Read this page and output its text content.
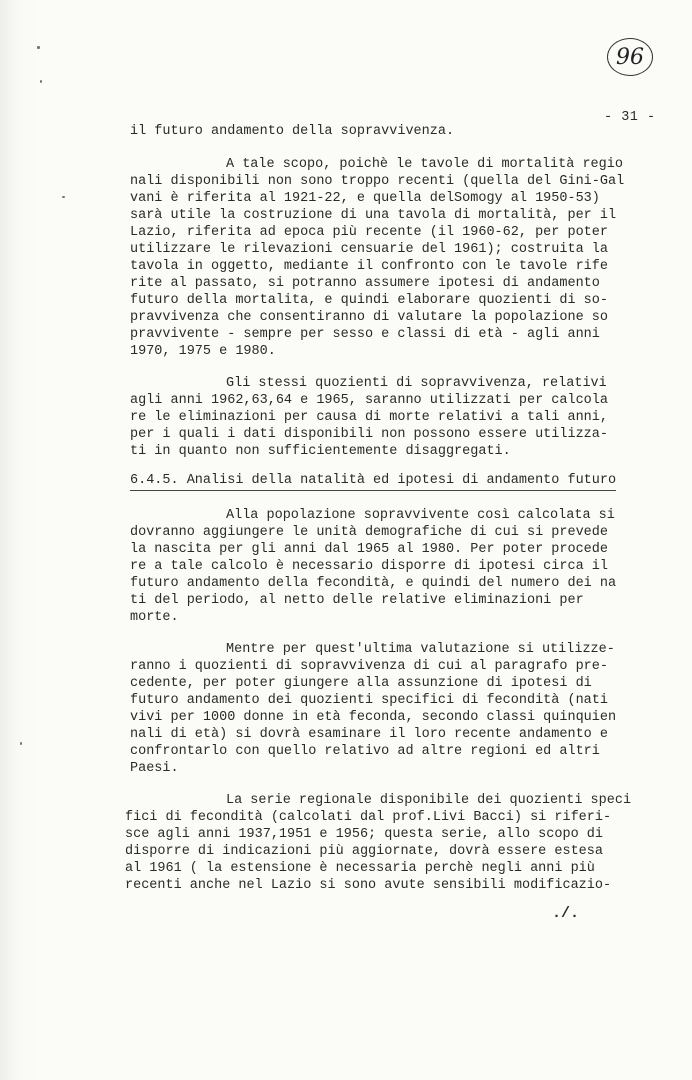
96
- 31 -
il futuro andamento della sopravvivenza.
A tale scopo, poichè le tavole di mortalità regio
nali disponibili non sono troppo recenti (quella del Gini-Gal
vani è riferita al 1921-22, e quella delSomogy al 1950-53)
sarà utile la costruzione di una tavola di mortalità, per il
Lazio, riferita ad epoca più recente (il 1960-62, per poter
utilizzare le rilevazioni censuarie del 1961); costruita la
tavola in oggetto, mediante il confronto con le tavole rife
rite al passato, si potranno assumere ipotesi di andamento
futuro della mortalita, e quindi elaborare quozienti di so-
pravvivenza che consentiranno di valutare la popolazione so
pravvivente - sempre per sesso e classi di età - agli anni
1970, 1975 e 1980.
Gli stessi quozienti di sopravvivenza, relativi
agli anni 1962,63,64 e 1965, saranno utilizzati per calcola
re le eliminazioni per causa di morte relativi a tali anni,
per i quali i dati disponibili non possono essere utilizza-
ti in quanto non sufficientemente disaggregati.
6.4.5. Analisi della natalità ed ipotesi di andamento futuro
Alla popolazione sopravvivente così calcolata si
dovranno aggiungere le unità demografiche di cui si prevede
la nascita per gli anni dal 1965 al 1980. Per poter procede
re a tale calcolo è necessario disporre di ipotesi circa il
futuro andamento della fecondità, e quindi del numero dei na
ti del periodo, al netto delle relative eliminazioni per
morte.
Mentre per quest'ultima valutazione si utilizze-
ranno i quozienti di sopravvivenza di cui al paragrafo pre-
cedente, per poter giungere alla assunzione di ipotesi di
futuro andamento dei quozienti specifici di fecondità (nati
vivi per 1000 donne in età feconda, secondo classi quinquien
nali di età) si dovrà esaminare il loro recente andamento e
confrontarlo con quello relativo ad altre regioni ed altri
Paesi.
La serie regionale disponibile dei quozienti speci
fici di fecondità (calcolati dal prof.Livi Bacci) si riferi-
sce agli anni 1937,1951 e 1956; questa serie, allo scopo di
disporre di indicazioni più aggiornate, dovrà essere estesa
al 1961 ( la estensione è necessaria perchè negli anni più
recenti anche nel Lazio si sono avute sensibili modificazio-
./.
